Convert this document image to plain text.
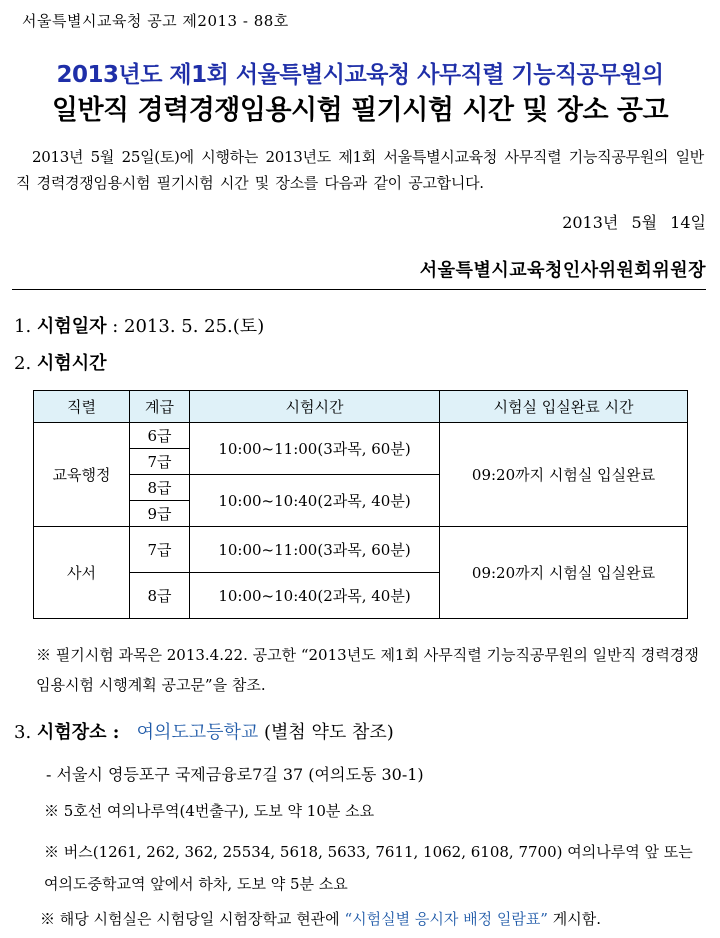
서울특별시교육청 공고 제2013 - 88호
2013년도 제1회 서울특별시교육청 사무직렬 기능직공무원의
일반직 경력경쟁임용시험 필기시험 시간 및 장소 공고
2013년 5월 25일(토)에 시행하는 2013년도 제1회 서울특별시교육청 사무직렬 기능직공무원의 일반직 경력경쟁임용시험 필기시험 시간 및 장소를 다음과 같이 공고합니다.
2013년 5월 14일
서울특별시교육청인사위원회위원장
1. 시험일자 : 2013. 5. 25.(토)
2. 시험시간
직렬	계급	시험시간	시험실 입실완료 시간
교육행정	6급	10:00~11:00(3과목, 60분)	09:20까지 시험실 입실완료
	7급		
	8급	10:00~10:40(2과목, 40분)	
	9급		
사서	7급	10:00~11:00(3과목, 60분)	09:20까지 시험실 입실완료
	8급	10:00~10:40(2과목, 40분)	
※ 필기시험 과목은 2013.4.22. 공고한 “2013년도 제1회 사무직렬 기능직공무원의 일반직 경력경쟁임용시험 시행계획 공고문”을 참조.
3. 시험장소 : 여의도고등학교 (별첨 약도 참조)
- 서울시 영등포구 국제금융로7길 37 (여의도동 30-1)
※ 5호선 여의나루역(4번출구), 도보 약 10분 소요
※ 버스(1261, 262, 362, 25534, 5618, 5633, 7611, 1062, 6108, 7700) 여의나루역 앞 또는 여의도중학교역 앞에서 하차, 도보 약 5분 소요
※ 해당 시험실은 시험당일 시험장학교 현관에 “시험실별 응시자 배정 일람표” 게시함.
